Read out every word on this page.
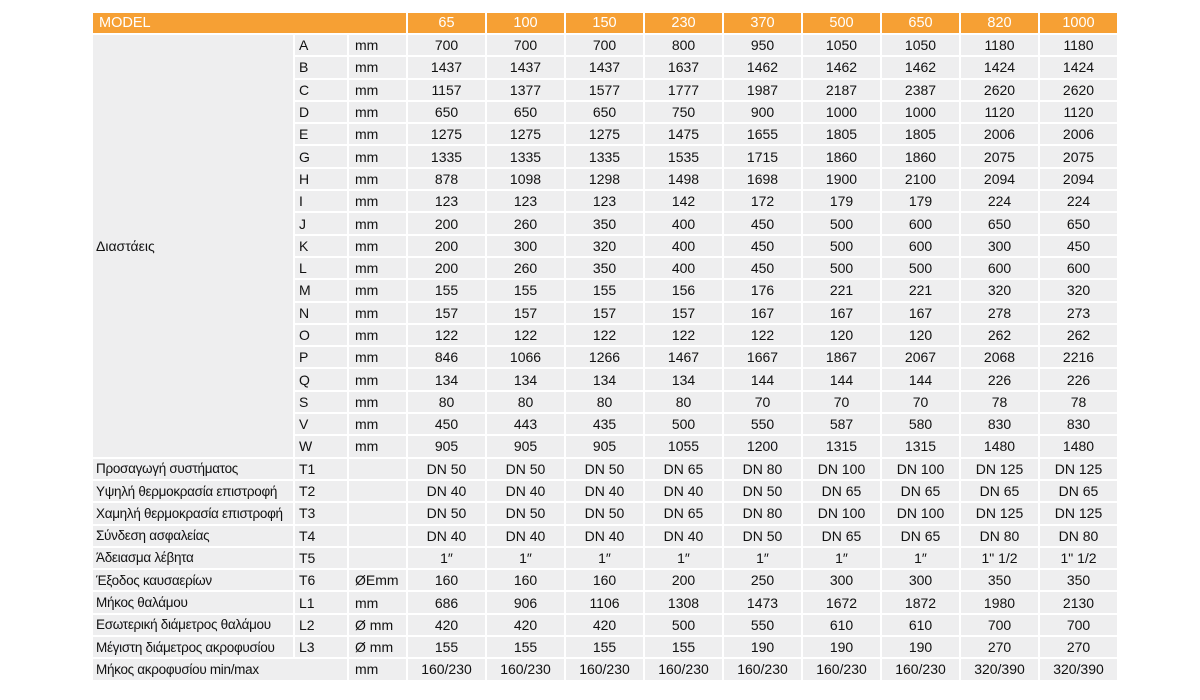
MODEL			65	100	150	230	370	500	650	820	1000
Διαστάεις	A	mm	700	700	700	800	950	1050	1050	1180	1180
	B	mm	1437	1437	1437	1637	1462	1462	1462	1424	1424
	C	mm	1157	1377	1577	1777	1987	2187	2387	2620	2620
	D	mm	650	650	650	750	900	1000	1000	1120	1120
	E	mm	1275	1275	1275	1475	1655	1805	1805	2006	2006
	G	mm	1335	1335	1335	1535	1715	1860	1860	2075	2075
	H	mm	878	1098	1298	1498	1698	1900	2100	2094	2094
	I	mm	123	123	123	142	172	179	179	224	224
	J	mm	200	260	350	400	450	500	600	650	650
	K	mm	200	300	320	400	450	500	600	300	450
	L	mm	200	260	350	400	450	500	500	600	600
	M	mm	155	155	155	156	176	221	221	320	320
	N	mm	157	157	157	157	167	167	167	278	273
	O	mm	122	122	122	122	122	120	120	262	262
	P	mm	846	1066	1266	1467	1667	1867	2067	2068	2216
	Q	mm	134	134	134	134	144	144	144	226	226
	S	mm	80	80	80	80	70	70	70	78	78
	V	mm	450	443	435	500	550	587	580	830	830
	W	mm	905	905	905	1055	1200	1315	1315	1480	1480
Προσαγωγή συστήματος	T1		DN 50	DN 50	DN 50	DN 65	DN 80	DN 100	DN 100	DN 125	DN 125
Υψηλή θερμοκρασία επιστροφή	T2		DN 40	DN 40	DN 40	DN 40	DN 50	DN 65	DN 65	DN 65	DN 65
Χαμηλή θερμοκρασία επιστροφή	T3		DN 50	DN 50	DN 50	DN 65	DN 80	DN 100	DN 100	DN 125	DN 125
Σύνδεση ασφαλείας	T4		DN 40	DN 40	DN 40	DN 40	DN 50	DN 65	DN 65	DN 80	DN 80
Άδειασμα λέβητα	T5		1″	1″	1″	1″	1″	1″	1″	1" 1/2	1" 1/2
Έξοδος καυσαερίων	T6	ØEmm	160	160	160	200	250	300	300	350	350
Μήκος θαλάμου	L1	mm	686	906	1106	1308	1473	1672	1872	1980	2130
Εσωτερική διάμετρος θαλάμου	L2	Ø mm	420	420	420	500	550	610	610	700	700
Μέγιστη διάμετρος ακροφυσίου	L3	Ø mm	155	155	155	155	190	190	190	270	270
Μήκος ακροφυσίου min/max		mm	160/230	160/230	160/230	160/230	160/230	160/230	160/230	320/390	320/390
